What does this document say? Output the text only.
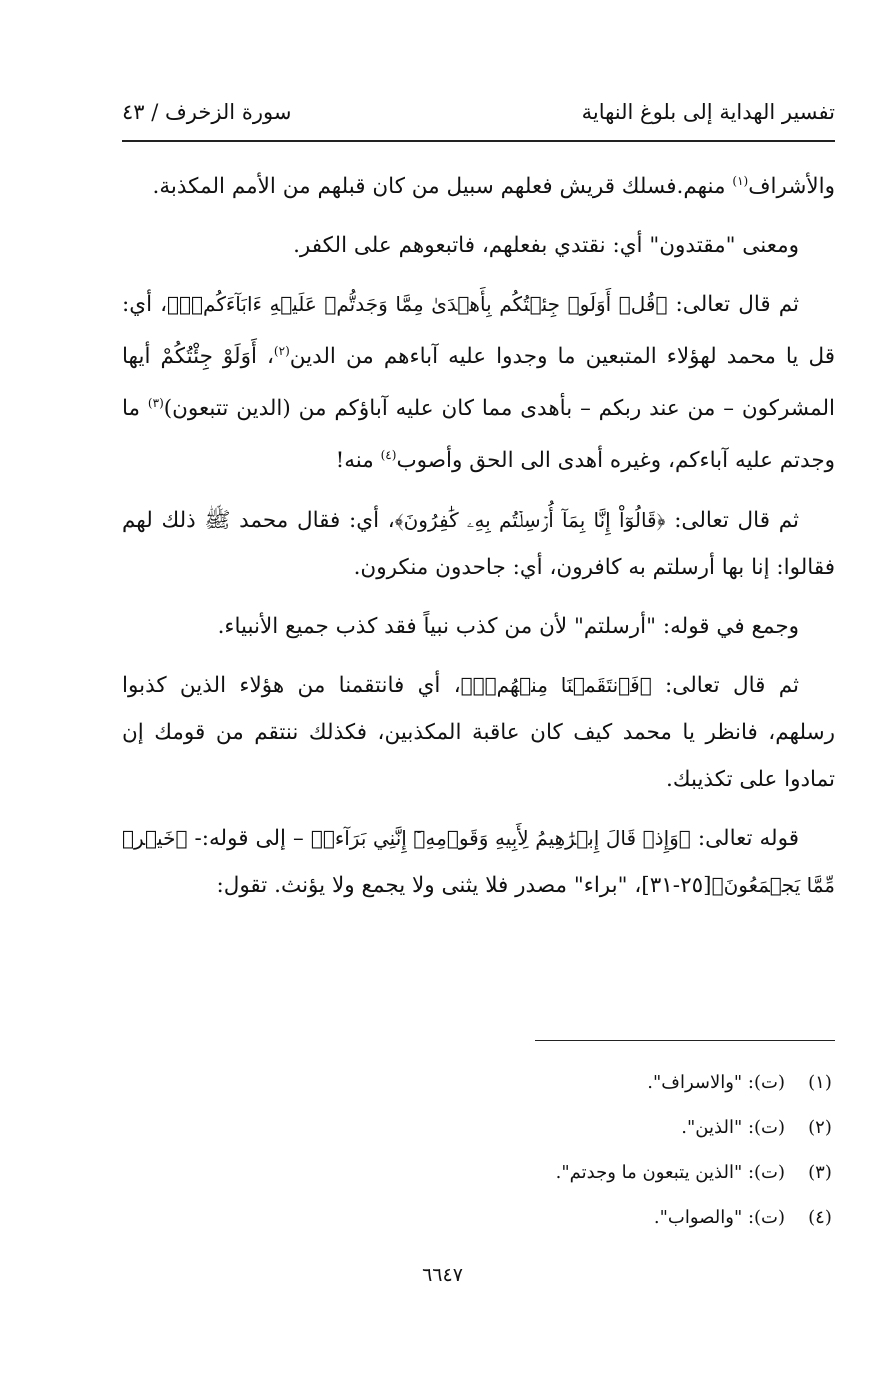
تفسير الهداية إلى بلوغ النهاية
سورة الزخرف / ٤٣

والأشراف$^{(١)}$ منهم.فسلك قريش فعلهم سبيل من كان قبلهم من الأمم المكذبة.

ومعنى "مقتدون" أي: نقتدي بفعلهم، فاتبعوهم على الكفر.

ثم قال تعالى: ﴿قُلۡ أَوَلَوۡ جِئۡتُكُم بِأَهۡدَىٰ مِمَّا وَجَدتُّمۡ عَلَيۡهِ ءَابَآءَكُمۡۖ﴾، أي: قل يا محمد لهؤلاء المتبعين ما وجدوا عليه آباءهم من الدين$^{(٢)}$، أَوَلَوْ جِئْتُكُمْ أيها المشركون – من عند ربكم – بأهدى مما كان عليه آباؤكم من (الدين تتبعون)$^{(٣)}$ ما وجدتم عليه آباءكم، وغيره أهدى الى الحق وأصوب$^{(٤)}$ منه!

ثم قال تعالى: ﴿قَالُوٓاْ إِنَّا بِمَآ أُرۡسِلۡتُم بِهِۦ كَٰفِرُونَ﴾، أي: فقال محمد ﷺ ذلك لهم فقالوا: إنا بها أرسلتم به كافرون، أي: جاحدون منكرون.

وجمع في قوله: "أرسلتم" لأن من كذب نبياً فقد كذب جميع الأنبياء.

ثم قال تعالى: ﴿فَٱنتَقَمۡنَا مِنۡهُمۡۖ﴾، أي فانتقمنا من هؤلاء الذين كذبوا رسلهم، فانظر يا محمد كيف كان عاقبة المكذبين، فكذلك ننتقم من قومك إن تمادوا على تكذيبك.

قوله تعالى: ﴿وَإِذۡ قَالَ إِبۡرَٰهِيمُ لِأَبِيهِ وَقَوۡمِهِۦٓ إِنَّنِي بَرَآءٞ﴾ – إلى قوله:- ﴿خَيۡرٞ مِّمَّا يَجۡمَعُونَ﴾[٢٥-٣١]، "براء" مصدر فلا يثنى ولا يجمع ولا يؤنث. تقول:

(١)
(ت): "والاسراف".
(٢)
(ت): "الذين".
(٣)
(ت): "الذين يتبعون ما وجدتم".
(٤)
(ت): "والصواب".
٦٦٤٧
